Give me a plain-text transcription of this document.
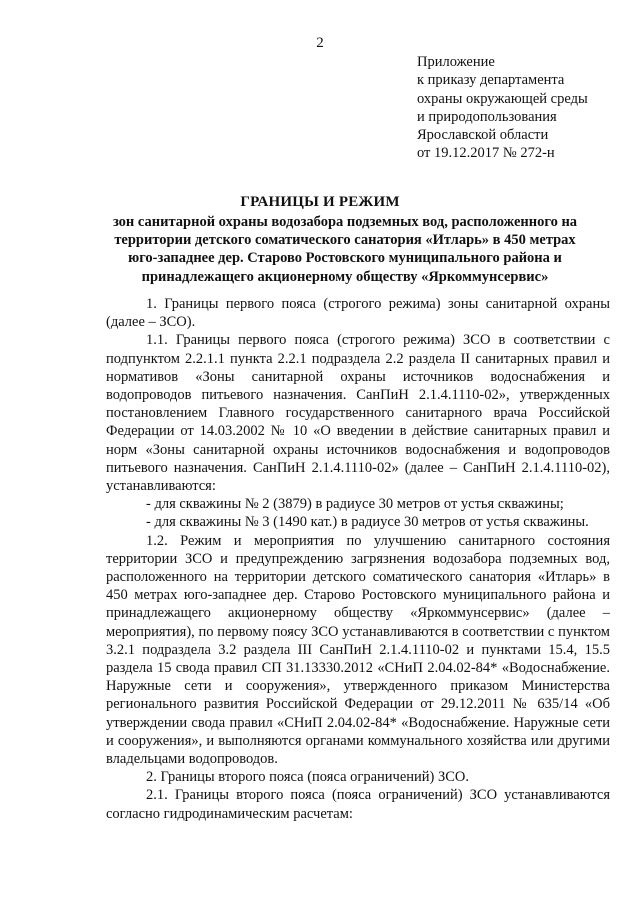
2
Приложение
к приказу департамента
охраны окружающей среды
и природопользования
Ярославской области
от 19.12.2017 № 272-н
ГРАНИЦЫ И РЕЖИМ
зон санитарной охраны водозабора подземных вод, расположенного на территории детского соматического санатория «Итларь» в 450 метрах юго-западнее дер. Старово Ростовского муниципального района и принадлежащего акционерному обществу «Яркоммунсервис»

1. Границы первого пояса (строгого режима) зоны санитарной охраны (далее – ЗСО).

1.1. Границы первого пояса (строгого режима) ЗСО в соответствии с подпунктом 2.2.1.1 пункта 2.2.1 подраздела 2.2 раздела II санитарных правил и нормативов «Зоны санитарной охраны источников водоснабжения и водопроводов питьевого назначения. СанПиН 2.1.4.1110-02», утвержденных постановлением Главного государственного санитарного врача Российской Федерации от 14.03.2002 № 10 «О введении в действие санитарных правил и норм «Зоны санитарной охраны источников водоснабжения и водопроводов питьевого назначения. СанПиН 2.1.4.1110-02» (далее – СанПиН 2.1.4.1110-02), устанавливаются:

- для скважины № 2 (3879) в радиусе 30 метров от устья скважины;

- для скважины № 3 (1490 кат.) в радиусе 30 метров от устья скважины.

1.2. Режим и мероприятия по улучшению санитарного состояния территории ЗСО и предупреждению загрязнения водозабора подземных вод, расположенного на территории детского соматического санатория «Итларь» в 450 метрах юго-западнее дер. Старово Ростовского муниципального района и принадлежащего акционерному обществу «Яркоммунсервис» (далее – мероприятия), по первому поясу ЗСО устанавливаются в соответствии с пунктом 3.2.1 подраздела 3.2 раздела III СанПиН 2.1.4.1110-02 и пунктами 15.4, 15.5 раздела 15 свода правил СП 31.13330.2012 «СНиП 2.04.02-84* «Водоснабжение. Наружные сети и сооружения», утвержденного приказом Министерства регионального развития Российской Федерации от 29.12.2011 № 635/14 «Об утверждении свода правил «СНиП 2.04.02-84* «Водоснабжение. Наружные сети и сооружения», и выполняются органами коммунального хозяйства или другими владельцами водопроводов.

2. Границы второго пояса (пояса ограничений) ЗСО.

2.1. Границы второго пояса (пояса ограничений) ЗСО устанавливаются согласно гидродинамическим расчетам:
